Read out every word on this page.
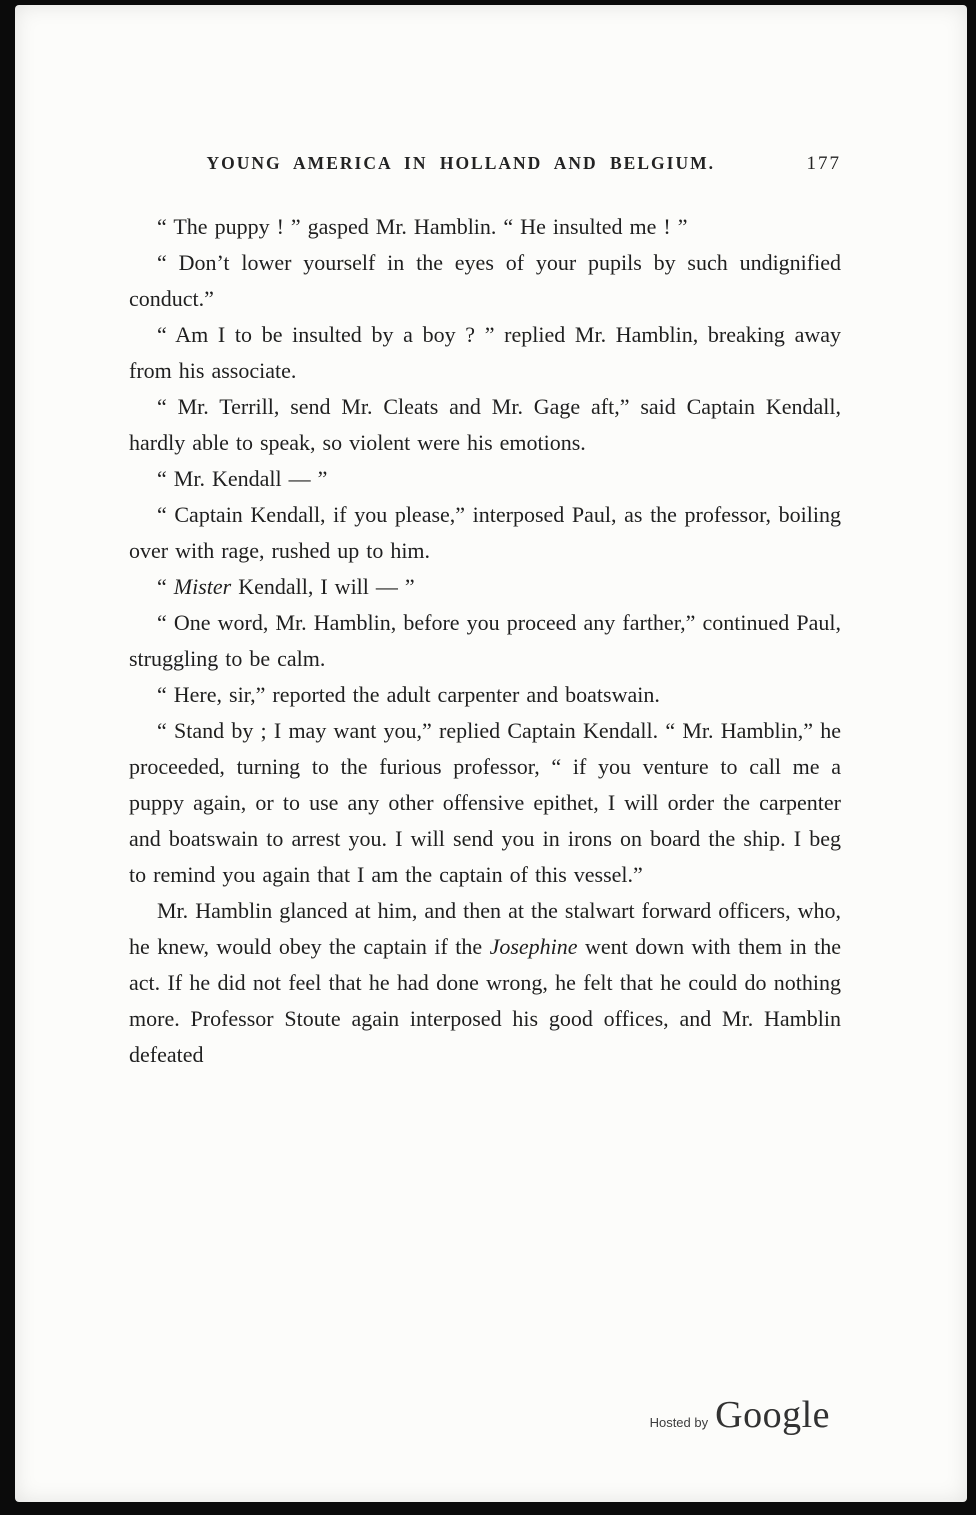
YOUNG AMERICA IN HOLLAND AND BELGIUM.	177

“ The puppy ! ” gasped Mr. Hamblin. “ He insulted me ! ”

“ Don’t lower yourself in the eyes of your pupils by such undignified conduct.”

“ Am I to be insulted by a boy ? ” replied Mr. Hamblin, breaking away from his associate.

“ Mr. Terrill, send Mr. Cleats and Mr. Gage aft,” said Captain Kendall, hardly able to speak, so violent were his emotions.

“ Mr. Kendall — ”

“ Captain Kendall, if you please,” interposed Paul, as the professor, boiling over with rage, rushed up to him.

“ Mister Kendall, I will — ”

“ One word, Mr. Hamblin, before you proceed any farther,” continued Paul, struggling to be calm.

“ Here, sir,” reported the adult carpenter and boatswain.

“ Stand by ; I may want you,” replied Captain Kendall. “ Mr. Hamblin,” he proceeded, turning to the furious professor, “ if you venture to call me a puppy again, or to use any other offensive epithet, I will order the carpenter and boatswain to arrest you. I will send you in irons on board the ship. I beg to remind you again that I am the captain of this vessel.”

Mr. Hamblin glanced at him, and then at the stalwart forward officers, who, he knew, would obey the captain if the Josephine went down with them in the act. If he did not feel that he had done wrong, he felt that he could do nothing more. Professor Stoute again interposed his good offices, and Mr. Hamblin defeated

Hosted by Google
